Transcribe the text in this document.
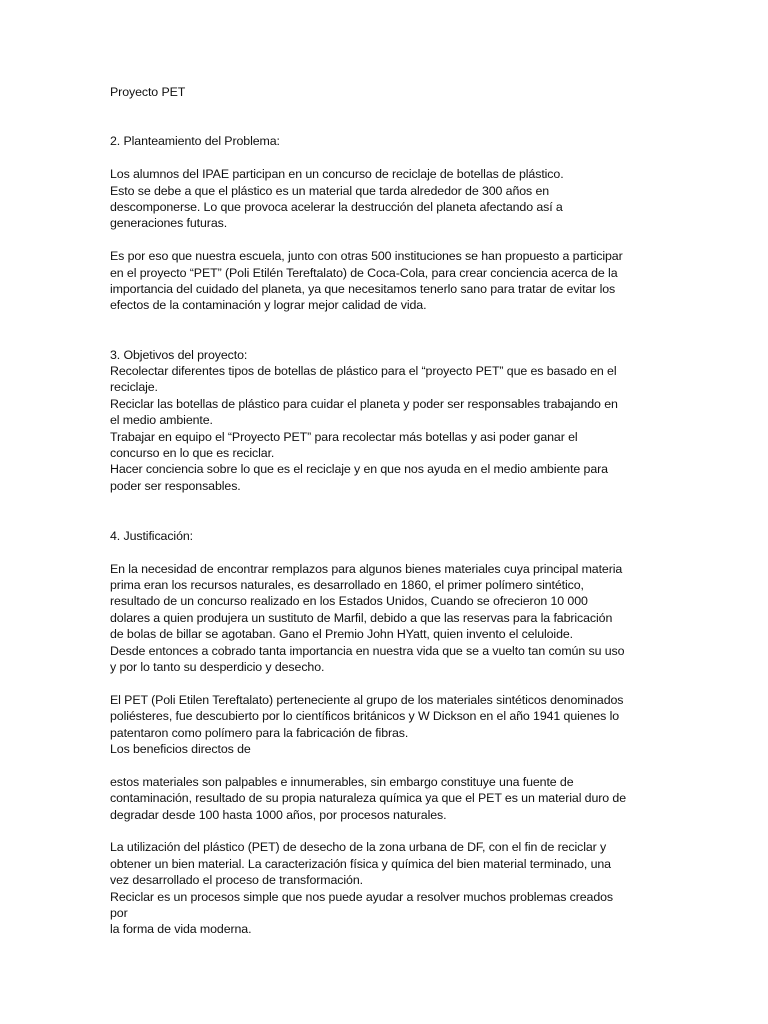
Proyecto PET
2. Planteamiento del Problema:
Los alumnos del IPAE participan en un concurso de reciclaje de botellas de plástico.
Esto se debe a que el plástico es un material que tarda alrededor de 300 años en
descomponerse. Lo que provoca acelerar la destrucción del planeta afectando así a
generaciones futuras.
Es por eso que nuestra escuela, junto con otras 500 instituciones se han propuesto a participar
en el proyecto “PET” (Poli Etilén Tereftalato) de Coca-Cola, para crear conciencia acerca de la
importancia del cuidado del planeta, ya que necesitamos tenerlo sano para tratar de evitar los
efectos de la contaminación y lograr mejor calidad de vida.
3. Objetivos del proyecto:
Recolectar diferentes tipos de botellas de plástico para el “proyecto PET” que es basado en el
reciclaje.
Reciclar las botellas de plástico para cuidar el planeta y poder ser responsables trabajando en
el medio ambiente.
Trabajar en equipo el “Proyecto PET” para recolectar más botellas y asi poder ganar el
concurso en lo que es reciclar.
Hacer conciencia sobre lo que es el reciclaje y en que nos ayuda en el medio ambiente para
poder ser responsables.
4. Justificación:
En la necesidad de encontrar remplazos para algunos bienes materiales cuya principal materia
prima eran los recursos naturales, es desarrollado en 1860, el primer polímero sintético,
resultado de un concurso realizado en los Estados Unidos, Cuando se ofrecieron 10 000
dolares a quien produjera un sustituto de Marfil, debido a que las reservas para la fabricación
de bolas de billar se agotaban. Gano el Premio John HYatt, quien invento el celuloide.
Desde entonces a cobrado tanta importancia en nuestra vida que se a vuelto tan común su uso
y por lo tanto su desperdicio y desecho.
El PET (Poli Etilen Tereftalato) perteneciente al grupo de los materiales sintéticos denominados
poliésteres, fue descubierto por lo científicos británicos y W Dickson en el año 1941 quienes lo
patentaron como polímero para la fabricación de fibras.
Los beneficios directos de
estos materiales son palpables e innumerables, sin embargo constituye una fuente de
contaminación, resultado de su propia naturaleza química ya que el PET es un material duro de
degradar desde 100 hasta 1000 años, por procesos naturales.
La utilización del plástico (PET) de desecho de la zona urbana de DF, con el fin de reciclar y
obtener un bien material. La caracterización física y química del bien material terminado, una
vez desarrollado el proceso de transformación.
Reciclar es un procesos simple que nos puede ayudar a resolver muchos problemas creados
por
la forma de vida moderna.
